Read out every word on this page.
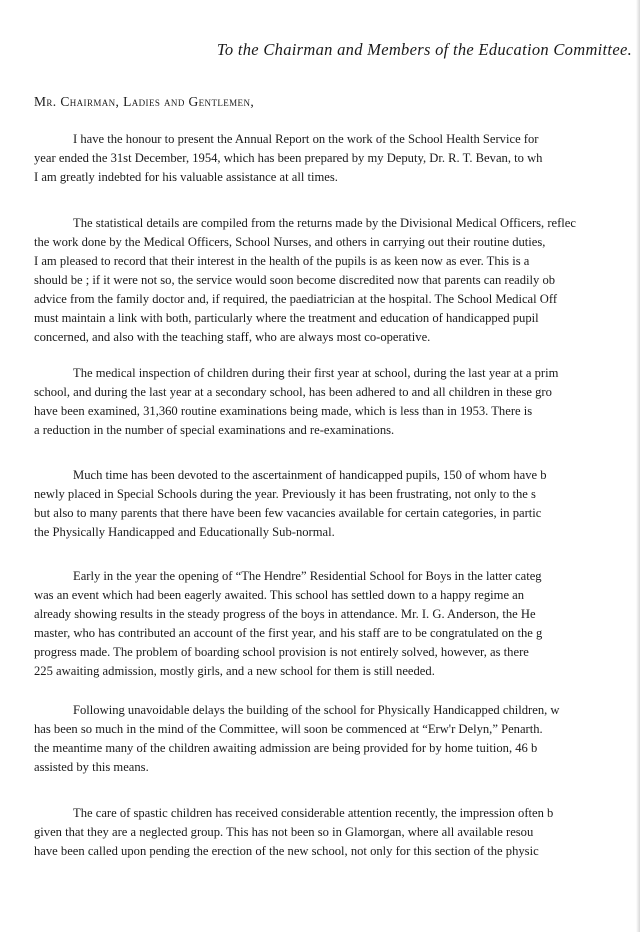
To the Chairman and Members of the Education Committee.
Mr. Chairman, Ladies and Gentlemen,
I have the honour to present the Annual Report on the work of the School Health Service for
year ended the 31st December, 1954, which has been prepared by my Deputy, Dr. R. T. Bevan, to wh
I am greatly indebted for his valuable assistance at all times.
The statistical details are compiled from the returns made by the Divisional Medical Officers, reflec
the work done by the Medical Officers, School Nurses, and others in carrying out their routine duties,
I am pleased to record that their interest in the health of the pupils is as keen now as ever. This is a
should be ; if it were not so, the service would soon become discredited now that parents can readily ob
advice from the family doctor and, if required, the paediatrician at the hospital. The School Medical Off
must maintain a link with both, particularly where the treatment and education of handicapped pupil
concerned, and also with the teaching staff, who are always most co-operative.
The medical inspection of children during their first year at school, during the last year at a prim
school, and during the last year at a secondary school, has been adhered to and all children in these gro
have been examined, 31,360 routine examinations being made, which is less than in 1953. There is
a reduction in the number of special examinations and re-examinations.
Much time has been devoted to the ascertainment of handicapped pupils, 150 of whom have b
newly placed in Special Schools during the year. Previously it has been frustrating, not only to the s
but also to many parents that there have been few vacancies available for certain categories, in partic
the Physically Handicapped and Educationally Sub-normal.
Early in the year the opening of “The Hendre” Residential School for Boys in the latter categ
was an event which had been eagerly awaited. This school has settled down to a happy regime an
already showing results in the steady progress of the boys in attendance. Mr. I. G. Anderson, the He
master, who has contributed an account of the first year, and his staff are to be congratulated on the g
progress made. The problem of boarding school provision is not entirely solved, however, as there
225 awaiting admission, mostly girls, and a new school for them is still needed.
Following unavoidable delays the building of the school for Physically Handicapped children, w
has been so much in the mind of the Committee, will soon be commenced at “Erw'r Delyn,” Penarth.
the meantime many of the children awaiting admission are being provided for by home tuition, 46 b
assisted by this means.
The care of spastic children has received considerable attention recently, the impression often b
given that they are a neglected group. This has not been so in Glamorgan, where all available resou
have been called upon pending the erection of the new school, not only for this section of the physic
